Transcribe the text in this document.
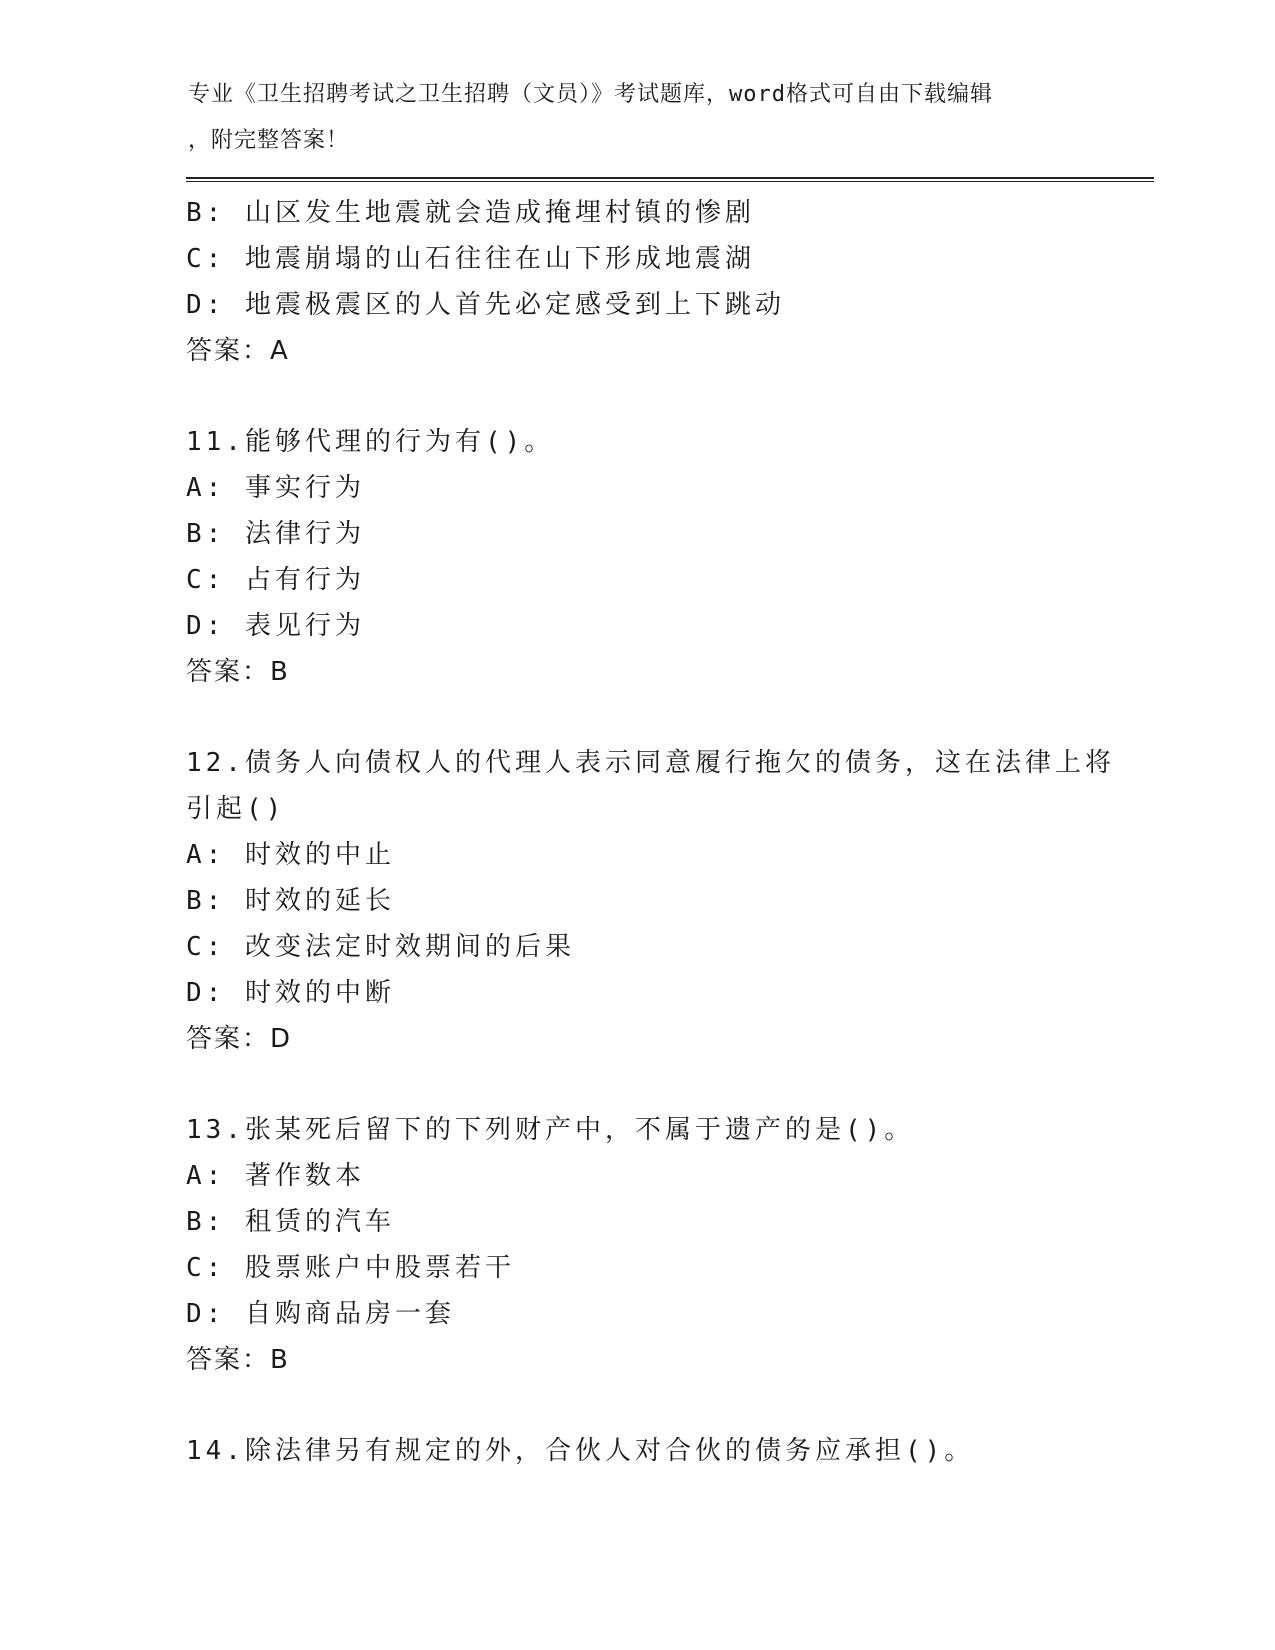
专业《卫生招聘考试之卫生招聘（文员）》考试题库，word格式可自由下载编辑
，附完整答案！
B: 山区发生地震就会造成掩埋村镇的惨剧
C: 地震崩塌的山石往往在山下形成地震湖
D: 地震极震区的人首先必定感受到上下跳动
答案：A
11.能够代理的行为有()。
A: 事实行为
B: 法律行为
C: 占有行为
D: 表见行为
答案：B
12.债务人向债权人的代理人表示同意履行拖欠的债务，这在法律上将
引起()
A: 时效的中止
B: 时效的延长
C: 改变法定时效期间的后果
D: 时效的中断
答案：D
13.张某死后留下的下列财产中，不属于遗产的是()。
A: 著作数本
B: 租赁的汽车
C: 股票账户中股票若干
D: 自购商品房一套
答案：B
14.除法律另有规定的外，合伙人对合伙的债务应承担()。
